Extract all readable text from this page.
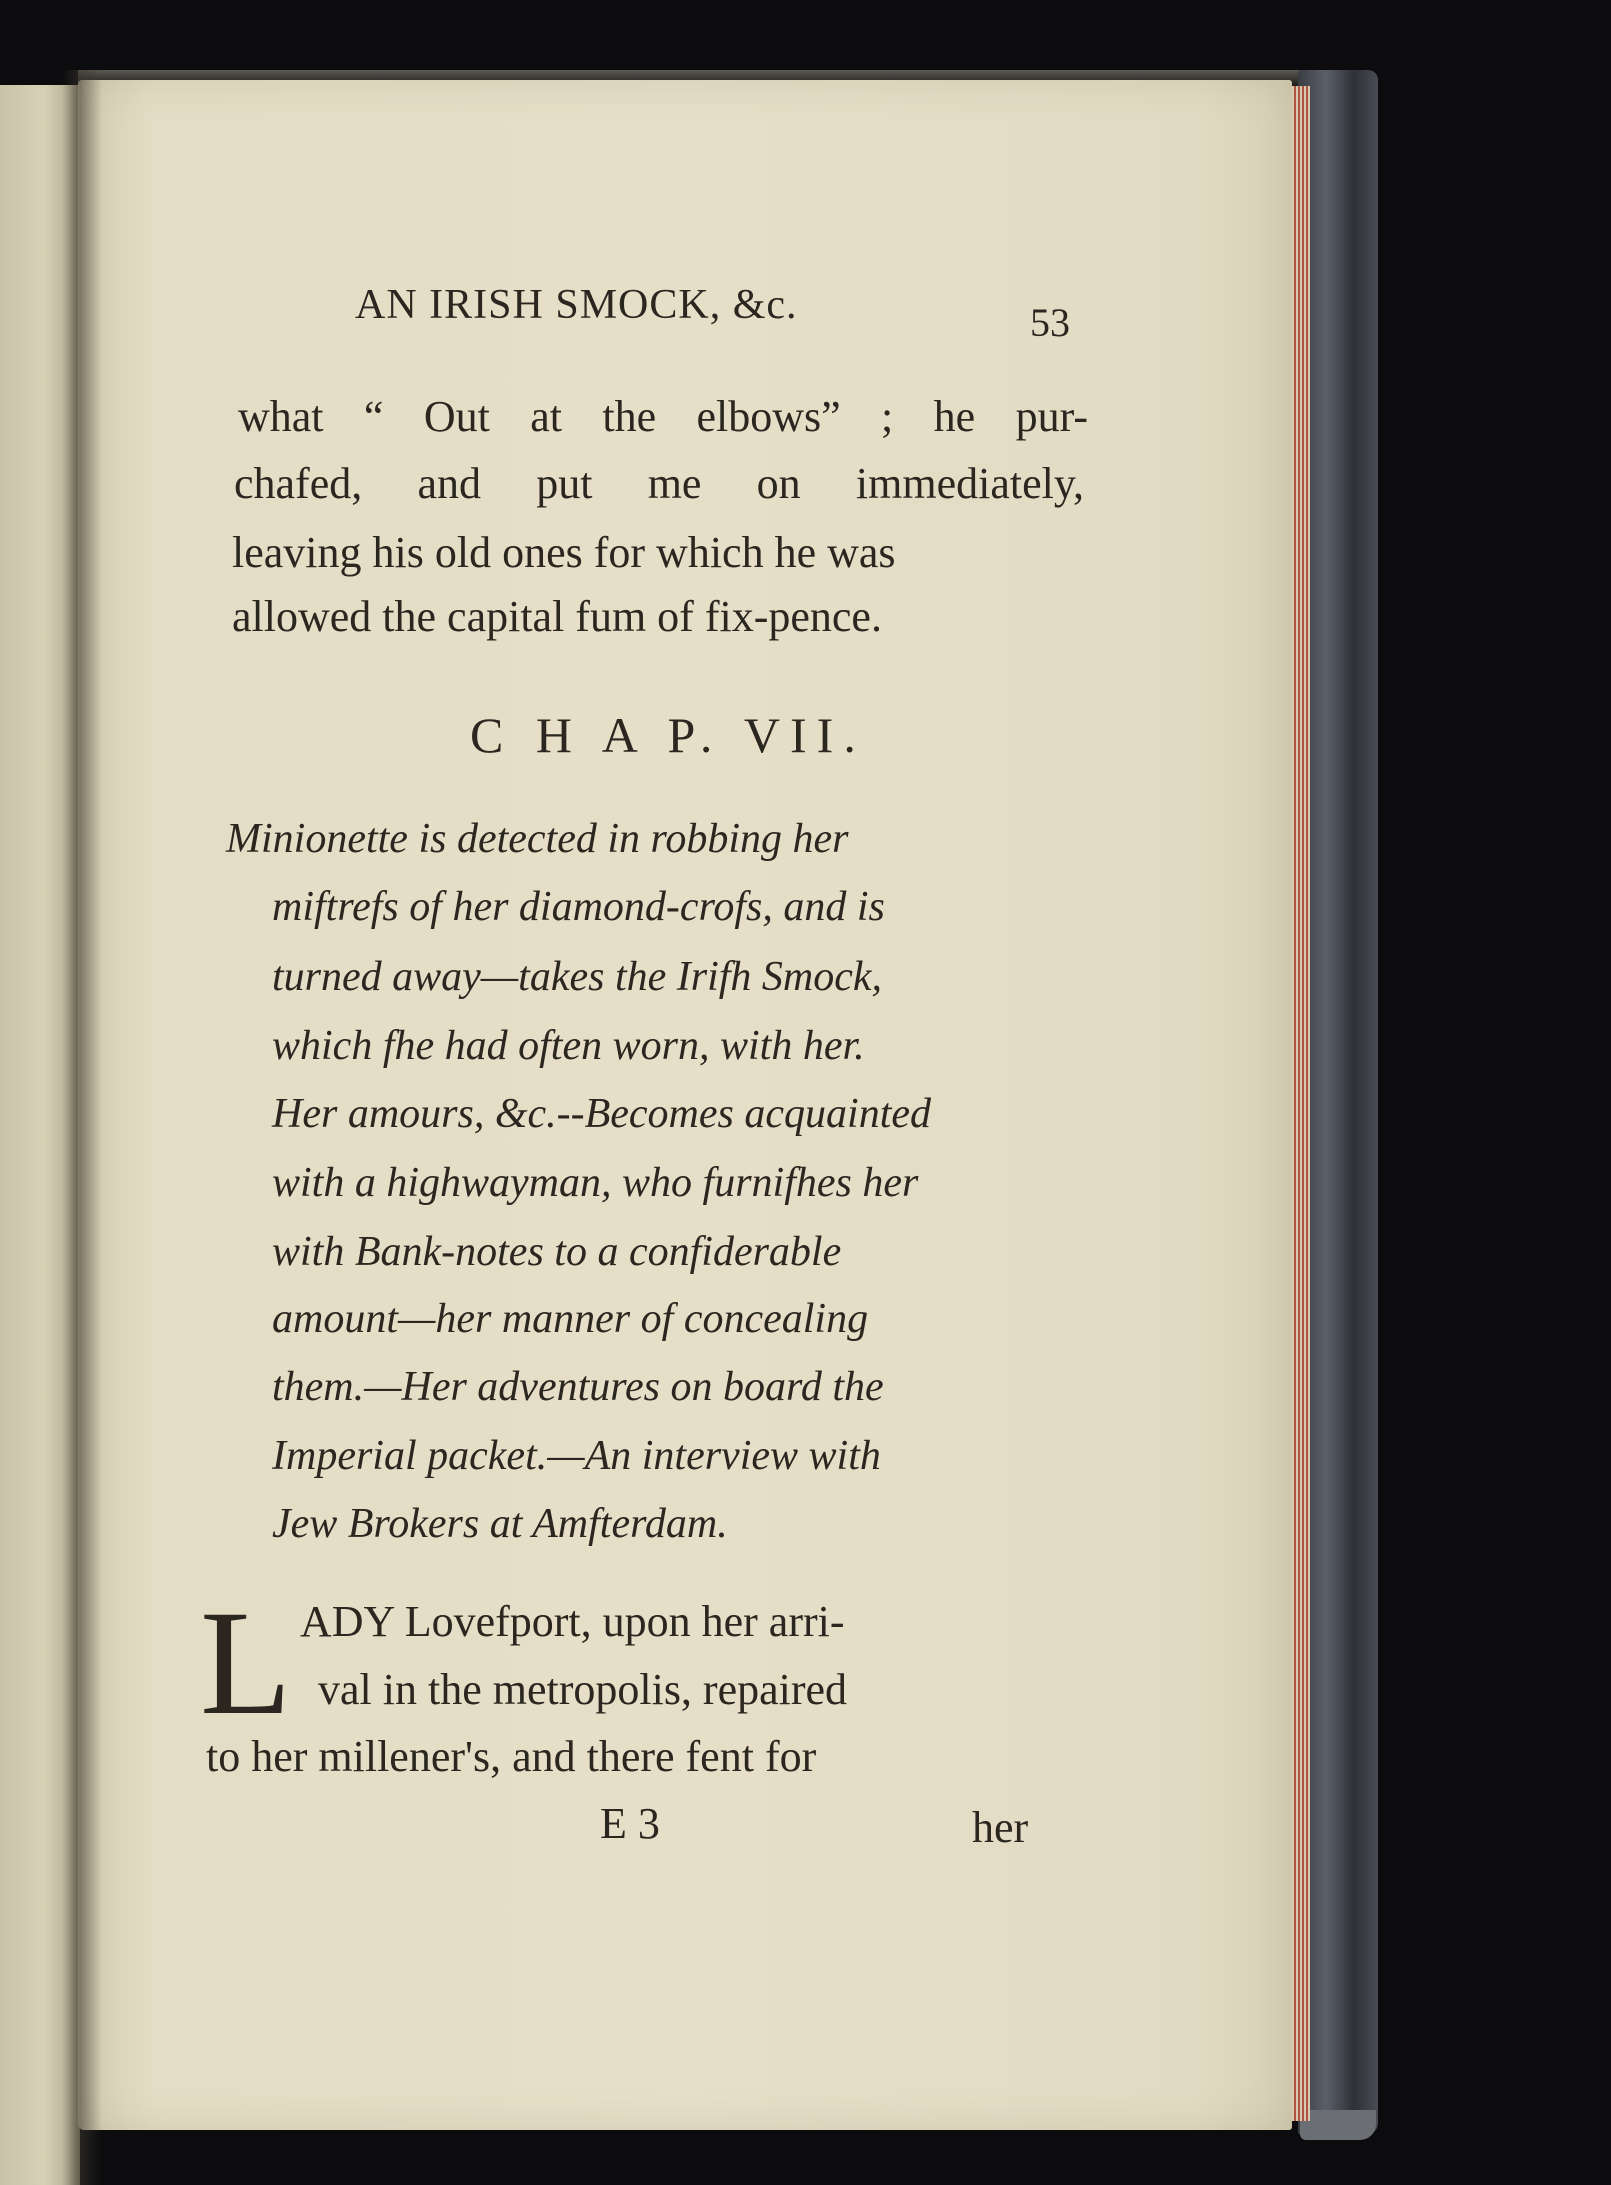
AN IRISH SMOCK, &c.	53
what “ Out at the elbows” ; he pur-
chafed, and put me on immediately,
leaving his old ones for which he was
allowed the capital fum of fix-pence.
C H A P. VII.
Minionette is detected in robbing her
miftrefs of her diamond-crofs, and is
turned away—takes the Irifh Smock,
which fhe had often worn, with her.
Her amours, &c.--Becomes acquainted
with a highwayman, who furnifhes her
with Bank-notes to a confiderable
amount—her manner of concealing
them.—Her adventures on board the
Imperial packet.—An interview with
Jew Brokers at Amfterdam.
L ADY Lovefport, upon her arri-
val in the metropolis, repaired
to her millener's, and there fent for
E 3	her
